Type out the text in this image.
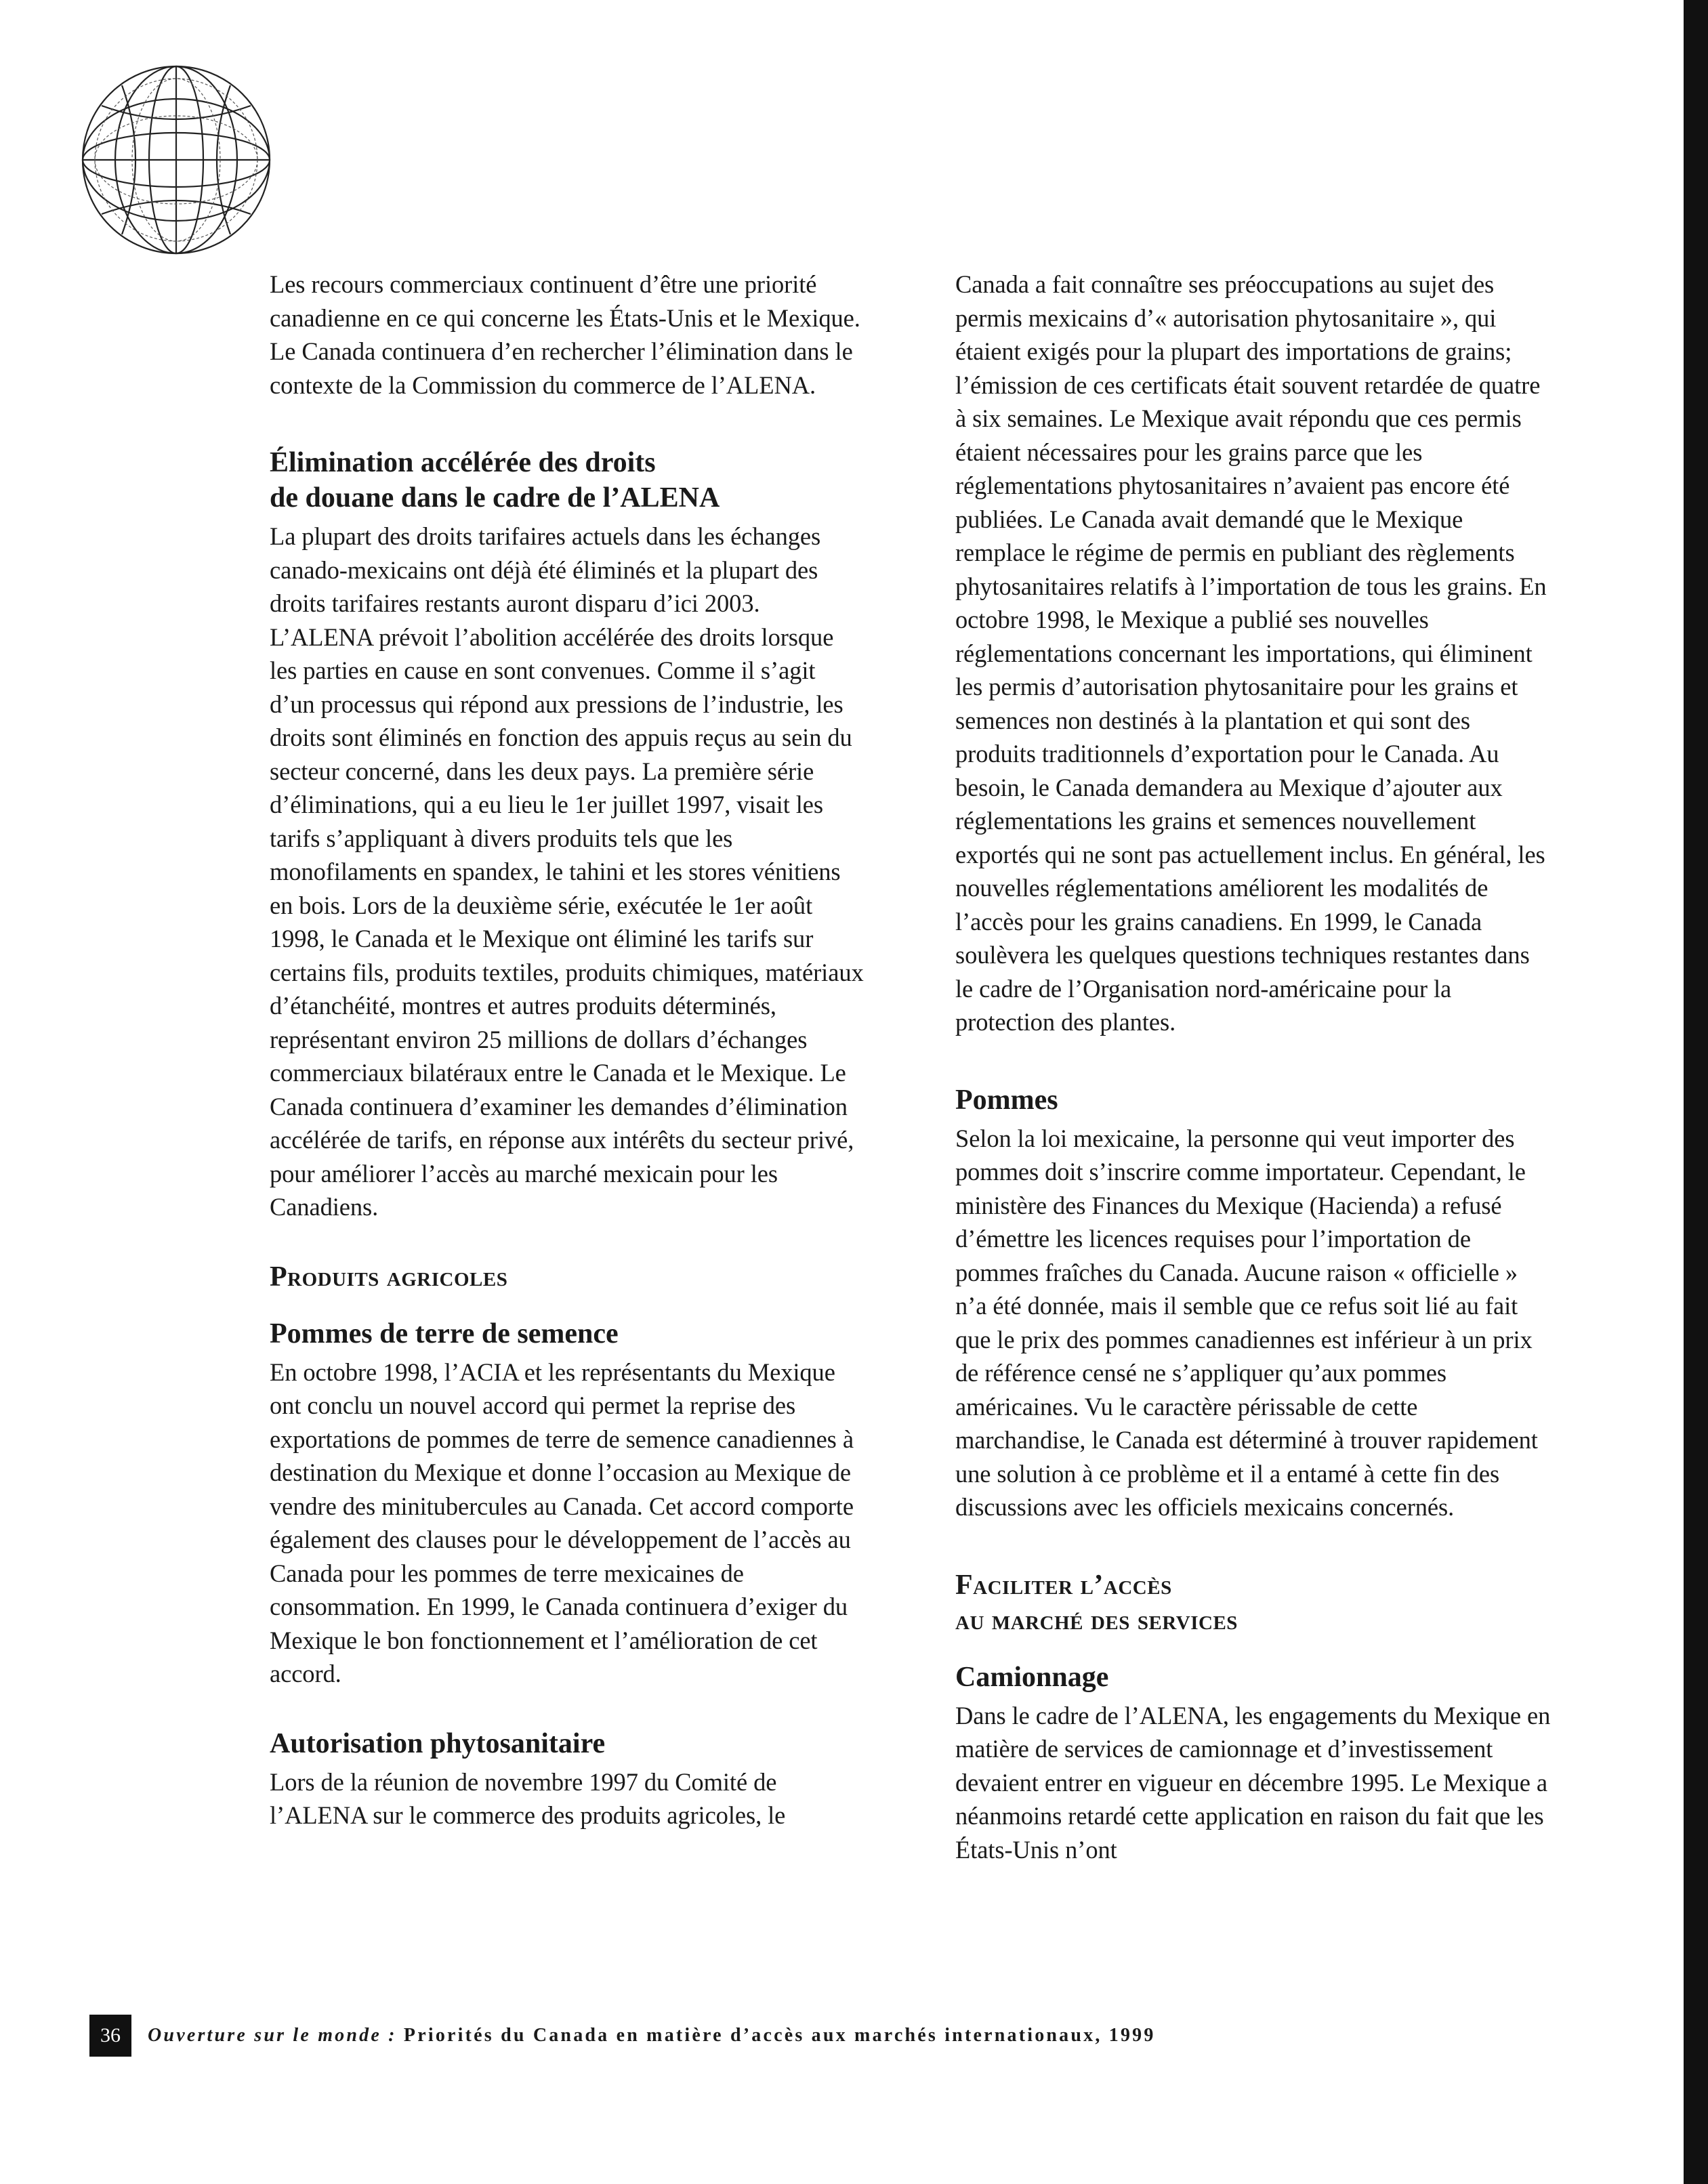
Les recours commerciaux continuent d’être une priorité canadienne en ce qui concerne les États-Unis et le Mexique. Le Canada continuera d’en rechercher l’élimination dans le contexte de la Commission du commerce de l’ALENA.

Élimination accélérée des droits
de douane dans le cadre de l’ALENA

La plupart des droits tarifaires actuels dans les échanges canado-mexicains ont déjà été éliminés et la plupart des droits tarifaires restants auront disparu d’ici 2003. L’ALENA prévoit l’abolition accélérée des droits lorsque les parties en cause en sont convenues. Comme il s’agit d’un processus qui répond aux pressions de l’industrie, les droits sont éliminés en fonction des appuis reçus au sein du secteur concerné, dans les deux pays. La première série d’éliminations, qui a eu lieu le 1er juillet 1997, visait les tarifs s’appliquant à divers produits tels que les monofilaments en spandex, le tahini et les stores vénitiens en bois. Lors de la deuxième série, exécutée le 1er août 1998, le Canada et le Mexique ont éliminé les tarifs sur certains fils, produits textiles, produits chimiques, matériaux d’étanchéité, montres et autres produits déterminés, représentant environ 25 millions de dollars d’échanges commerciaux bilatéraux entre le Canada et le Mexique. Le Canada continuera d’examiner les demandes d’élimination accélérée de tarifs, en réponse aux intérêts du secteur privé, pour améliorer l’accès au marché mexicain pour les Canadiens.

Produits agricoles
Pommes de terre de semence

En octobre 1998, l’ACIA et les représentants du Mexique ont conclu un nouvel accord qui permet la reprise des exportations de pommes de terre de semence canadiennes à destination du Mexique et donne l’occasion au Mexique de vendre des minitubercules au Canada. Cet accord comporte également des clauses pour le développement de l’accès au Canada pour les pommes de terre mexicaines de consommation. En 1999, le Canada continuera d’exiger du Mexique le bon fonctionnement et l’amélioration de cet accord.

Autorisation phytosanitaire

Lors de la réunion de novembre 1997 du Comité de l’ALENA sur le commerce des produits agricoles, le

Canada a fait connaître ses préoccupations au sujet des permis mexicains d’« autorisation phytosanitaire », qui étaient exigés pour la plupart des importations de grains; l’émission de ces certificats était souvent retardée de quatre à six semaines. Le Mexique avait répondu que ces permis étaient nécessaires pour les grains parce que les réglementations phytosanitaires n’avaient pas encore été publiées. Le Canada avait demandé que le Mexique remplace le régime de permis en publiant des règlements phytosanitaires relatifs à l’importation de tous les grains. En octobre 1998, le Mexique a publié ses nouvelles réglementations concernant les importations, qui éliminent les permis d’autorisation phytosanitaire pour les grains et semences non destinés à la plantation et qui sont des produits traditionnels d’exportation pour le Canada. Au besoin, le Canada demandera au Mexique d’ajouter aux réglementations les grains et semences nouvellement exportés qui ne sont pas actuellement inclus. En général, les nouvelles réglementations améliorent les modalités de l’accès pour les grains canadiens. En 1999, le Canada soulèvera les quelques questions techniques restantes dans le cadre de l’Organisation nord-américaine pour la protection des plantes.

Pommes

Selon la loi mexicaine, la personne qui veut importer des pommes doit s’inscrire comme importateur. Cependant, le ministère des Finances du Mexique (Hacienda) a refusé d’émettre les licences requises pour l’importation de pommes fraîches du Canada. Aucune raison « officielle » n’a été donnée, mais il semble que ce refus soit lié au fait que le prix des pommes canadiennes est inférieur à un prix de référence censé ne s’appliquer qu’aux pommes américaines. Vu le caractère périssable de cette marchandise, le Canada est déterminé à trouver rapidement une solution à ce problème et il a entamé à cette fin des discussions avec les officiels mexicains concernés.

Faciliter l’accès
au marché des services
Camionnage

Dans le cadre de l’ALENA, les engagements du Mexique en matière de services de camionnage et d’investissement devaient entrer en vigueur en décembre 1995. Le Mexique a néanmoins retardé cette application en raison du fait que les États-Unis n’ont

36	Ouverture sur le monde : Priorités du Canada en matière d’accès aux marchés internationaux, 1999
